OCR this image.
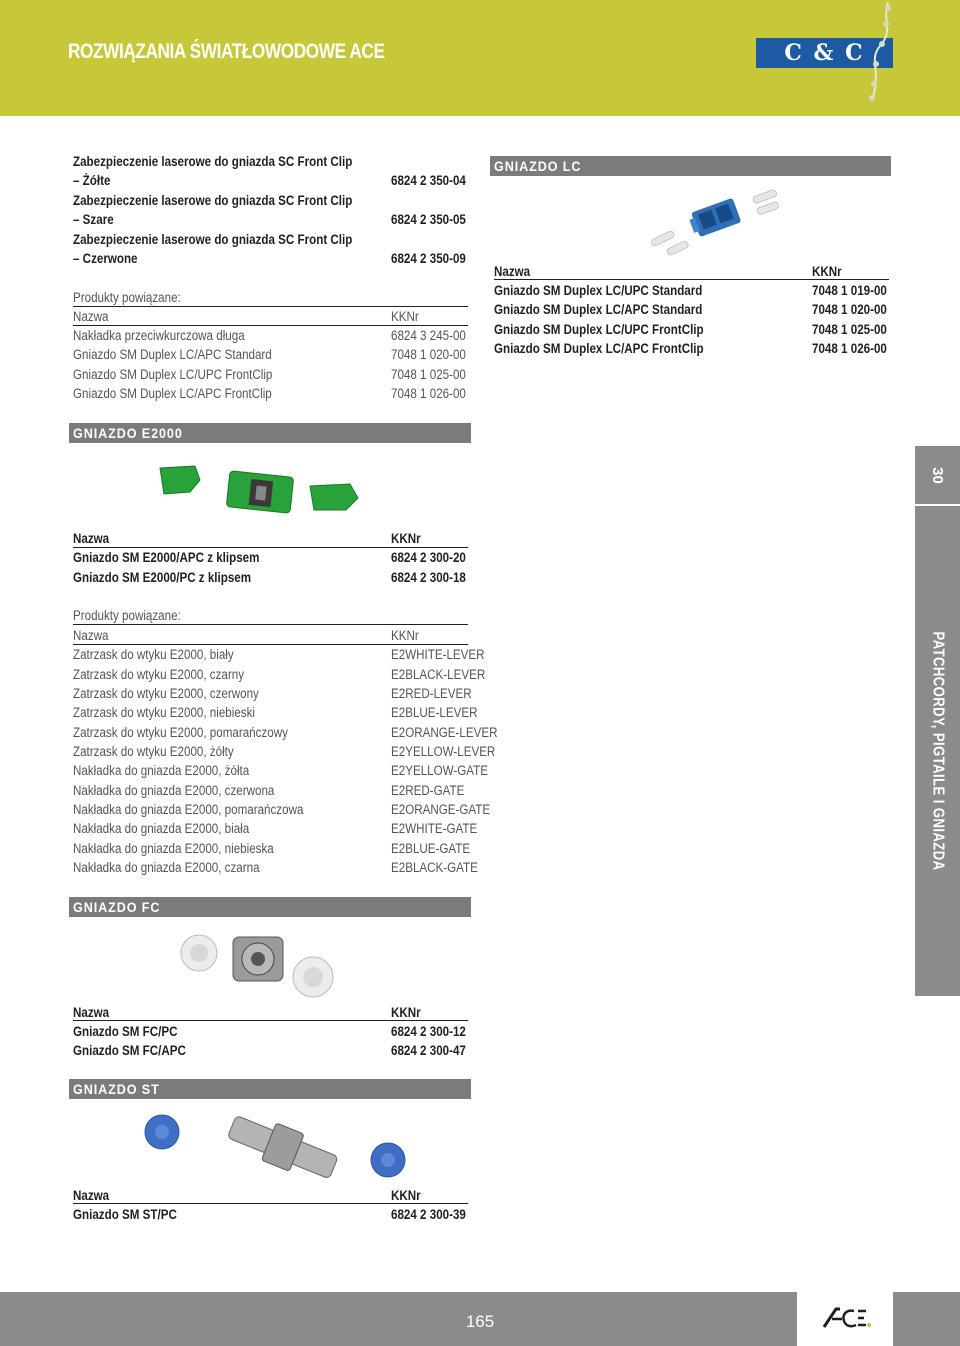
ROZWIĄZANIA ŚWIATŁOWODOWE ACE	C & C
Zabezpieczenie laserowe do gniazda SC Front Clip
– Żółte	6824 2 350-04
Zabezpieczenie laserowe do gniazda SC Front Clip
– Szare	6824 2 350-05
Zabezpieczenie laserowe do gniazda SC Front Clip
– Czerwone	6824 2 350-09
Produkty powiązane:
Nazwa	KKNr
Nakładka przeciwkurczowa długa	6824 3 245-00
Gniazdo SM Duplex LC/APC Standard	7048 1 020-00
Gniazdo SM Duplex LC/UPC FrontClip	7048 1 025-00
Gniazdo SM Duplex LC/APC FrontClip	7048 1 026-00
GNIAZDO LC
Nazwa	KKNr
Gniazdo SM Duplex LC/UPC Standard	7048 1 019-00
Gniazdo SM Duplex LC/APC Standard	7048 1 020-00
Gniazdo SM Duplex LC/UPC FrontClip	7048 1 025-00
Gniazdo SM Duplex LC/APC FrontClip	7048 1 026-00
GNIAZDO E2000
Nazwa	KKNr
Gniazdo SM E2000/APC z klipsem	6824 2 300-20
Gniazdo SM E2000/PC z klipsem	6824 2 300-18
Produkty powiązane:
Nazwa	KKNr
Zatrzask do wtyku E2000, biały	E2WHITE-LEVER
Zatrzask do wtyku E2000, czarny	E2BLACK-LEVER
Zatrzask do wtyku E2000, czerwony	E2RED-LEVER
Zatrzask do wtyku E2000, niebieski	E2BLUE-LEVER
Zatrzask do wtyku E2000, pomarańczowy	E2ORANGE-LEVER
Zatrzask do wtyku E2000, żółty	E2YELLOW-LEVER
Nakładka do gniazda E2000, żółta	E2YELLOW-GATE
Nakładka do gniazda E2000, czerwona	E2RED-GATE
Nakładka do gniazda E2000, pomarańczowa	E2ORANGE-GATE
Nakładka do gniazda E2000, biała	E2WHITE-GATE
Nakładka do gniazda E2000, niebieska	E2BLUE-GATE
Nakładka do gniazda E2000, czarna	E2BLACK-GATE
GNIAZDO FC
Nazwa	KKNr
Gniazdo SM FC/PC	6824 2 300-12
Gniazdo SM FC/APC	6824 2 300-47
GNIAZDO ST
Nazwa	KKNr
Gniazdo SM ST/PC	6824 2 300-39
30
PATCHCORDY, PIGTAILE I GNIAZDA
165
